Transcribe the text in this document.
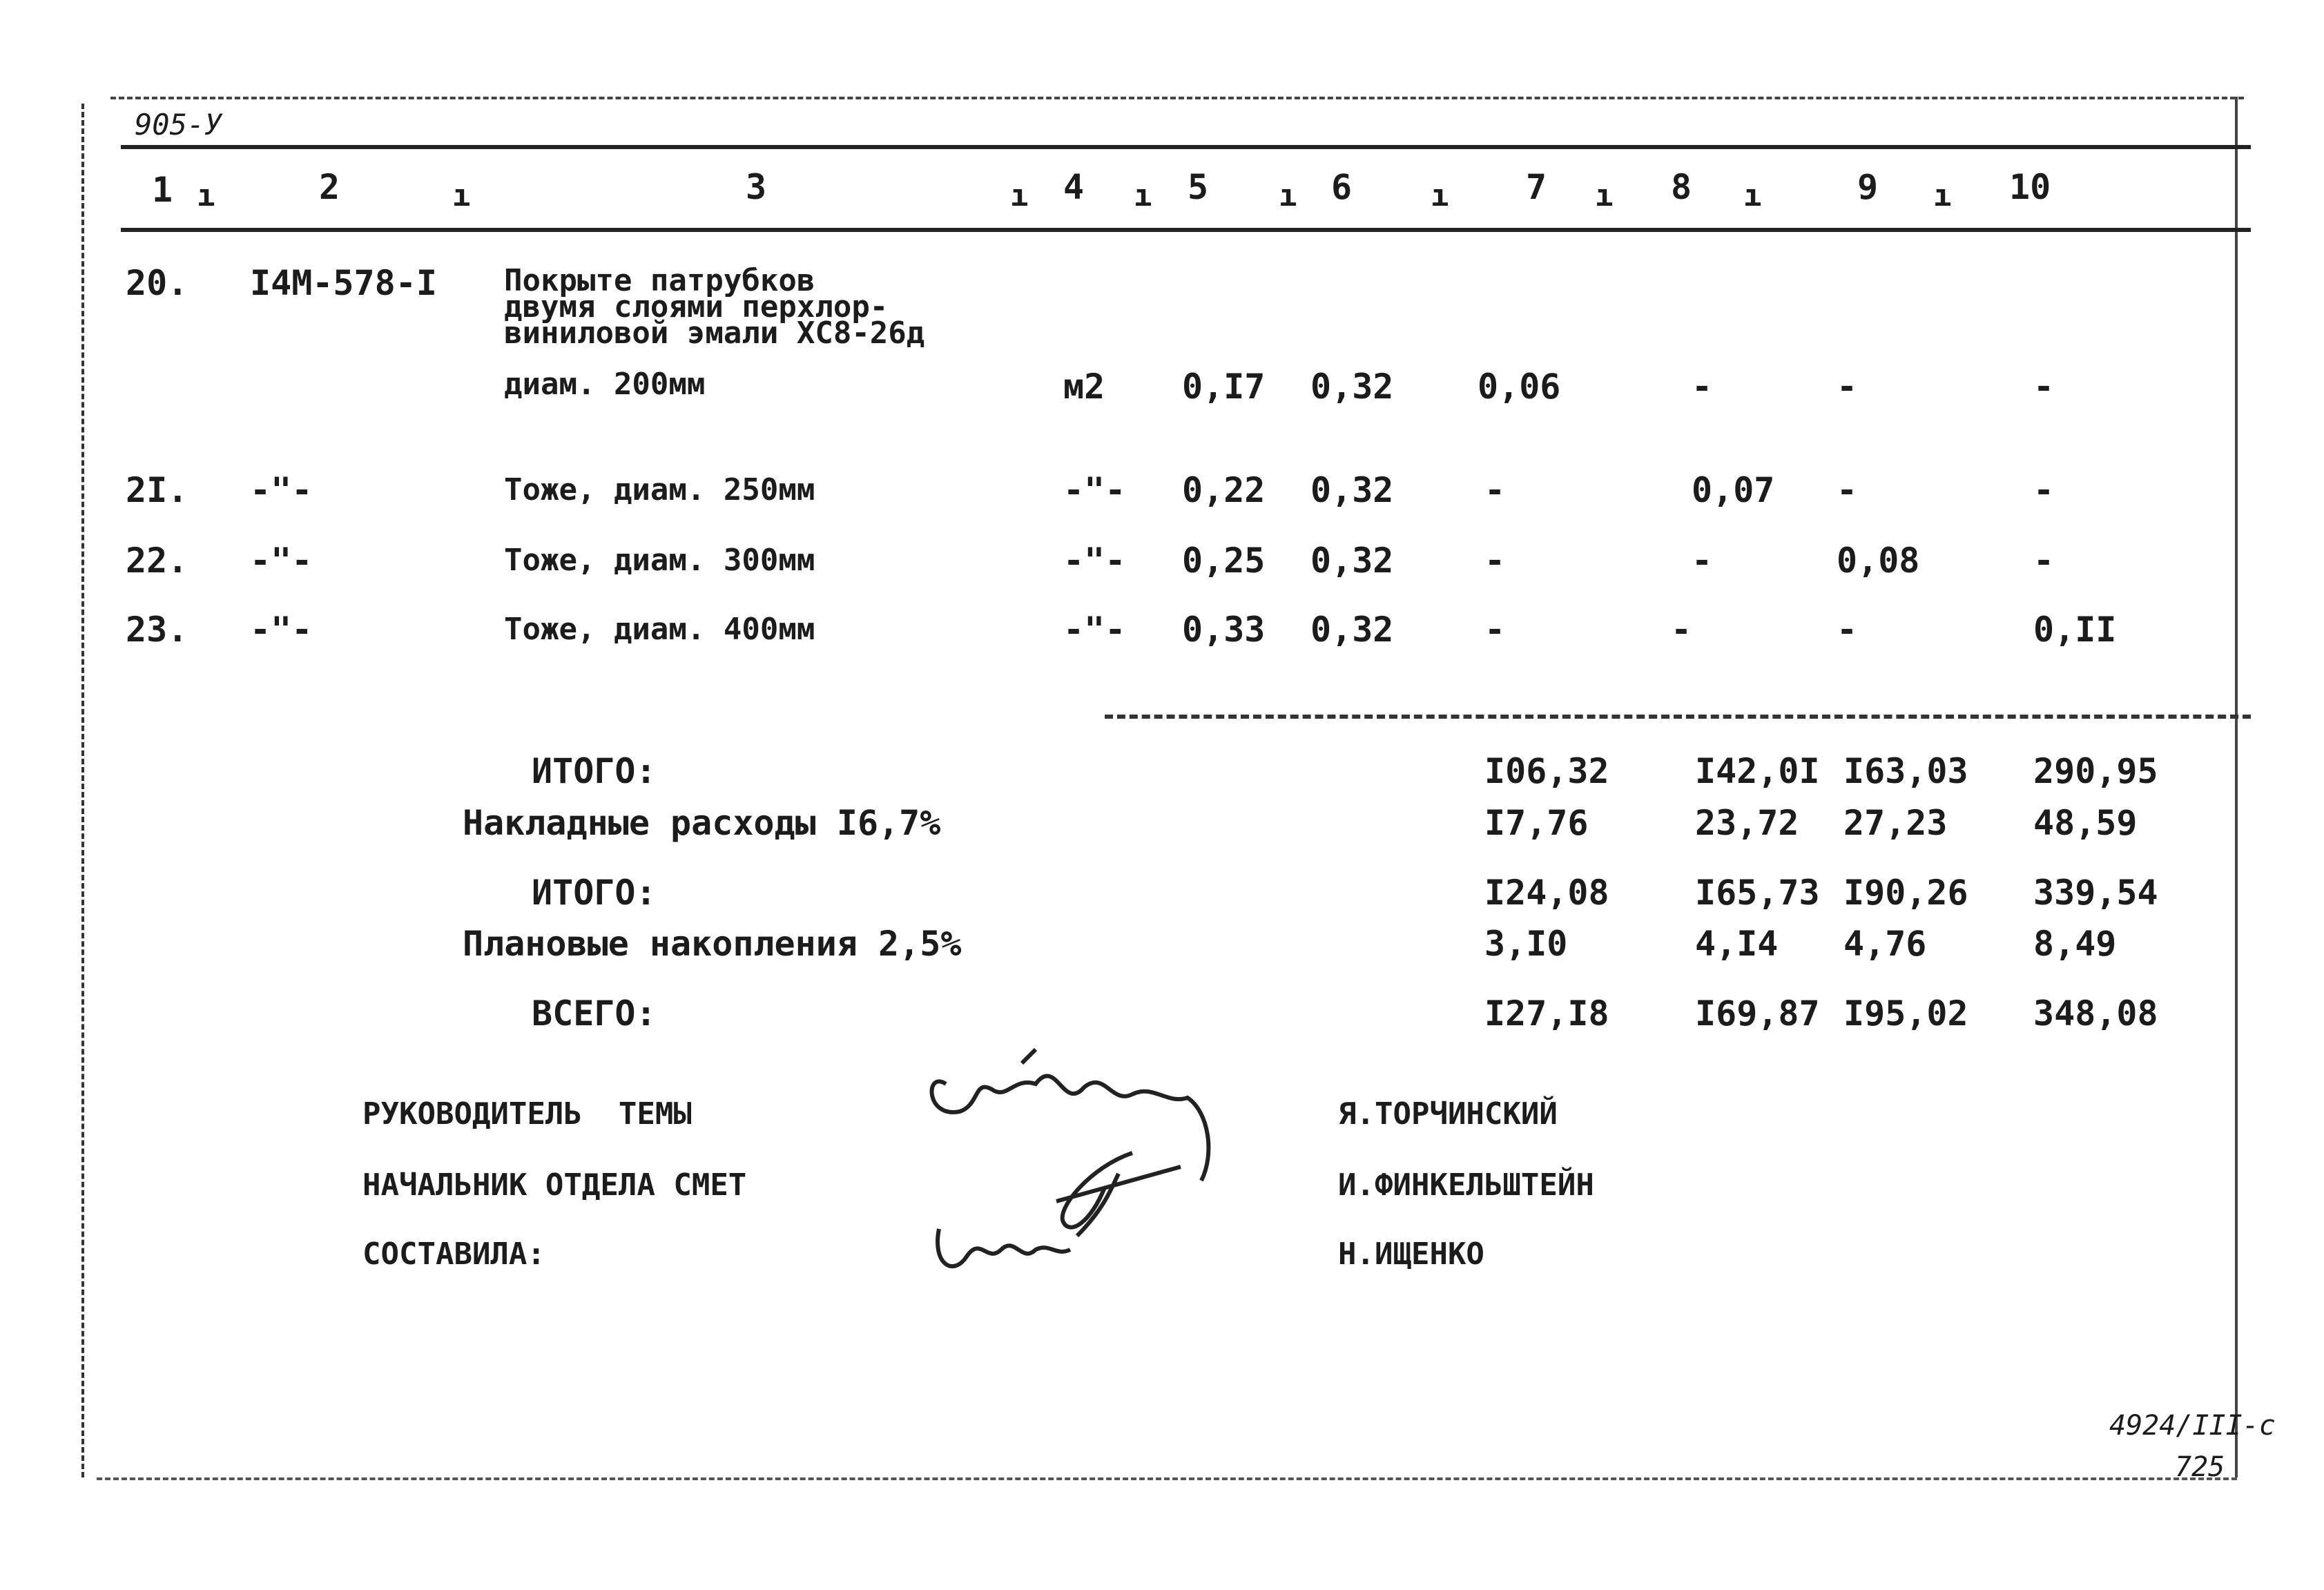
905-У
1	2	3	4	5	6	7	8	9	10
ı	ı	ı	ı	ı	ı	ı	ı	ı
20. I4М-578-I Покрыте патрубков
двумя слоями перхлор-
виниловой эмали ХС8-26д
диам. 200мм	м2 0,I7 0,32 0,06	-	-	-
2I. -"-	Тоже, диам. 250мм	-"- 0,22 0,32	-	0,07 -	-
22. -"-	Тоже, диам. 300мм	-"- 0,25 0,32	-	-	0,08	-
23. -"-	Тоже, диам. 400мм	-"- 0,33 0,32	-	-	-	0,II
ИТОГО:	I06,32 I42,0I I63,03 290,95
Накладные расходы I6,7%	I7,76	23,72 27,23 48,59
ИТОГО:	I24,08 I65,73 I90,26 339,54
Плановые накопления 2,5%	3,I0	4,I4 4,76	8,49
ВСЕГО:	I27,I8 I69,87 I95,02 348,08
РУКОВОДИТЕЛЬ  ТЕМЫ	Я.ТОРЧИНСКИЙ
НАЧАЛЬНИК ОТДЕЛА СМЕТ	И.ФИНКЕЛЬШТЕЙН
СОСТАВИЛА:	Н.ИЩЕНКО
4924/III-с
725
